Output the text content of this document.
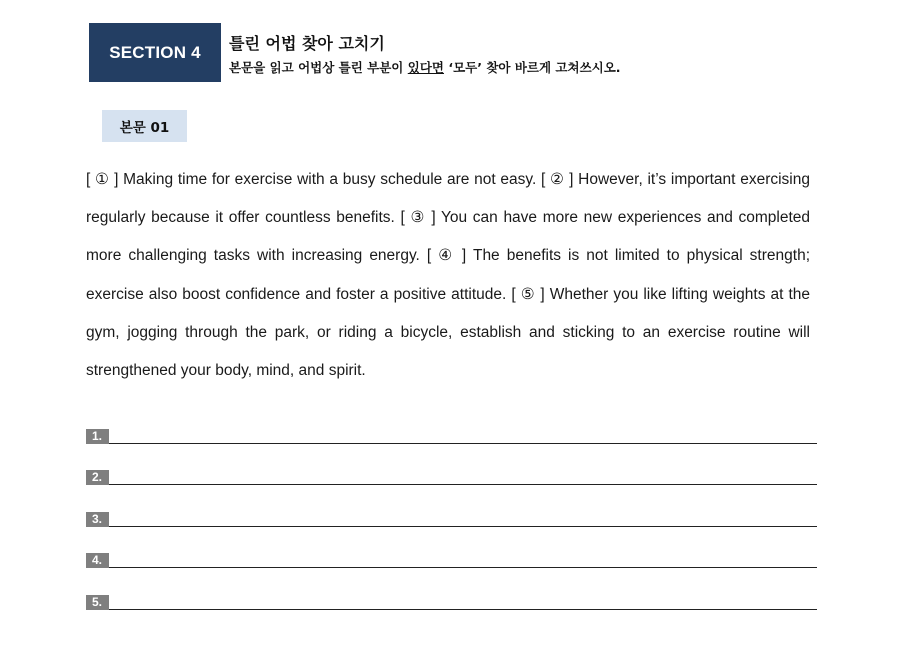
SECTION 4 틀린 어법 찾아 고치기
본문을 읽고 어법상 틀린 부분이 있다면 ‘모두’ 찾아 바르게 고쳐쓰시오.
본문 01

[ ① ] Making time for exercise with a busy schedule are not easy. [ ② ] However, it’s important exercising regularly because it offer countless benefits. [ ③ ] You can have more new experiences and completed more challenging tasks with increasing energy. [ ④ ] The benefits is not limited to physical strength; exercise also boost confidence and foster a positive attitude. [ ⑤ ] Whether you like lifting weights at the gym, jogging through the park, or riding a bicycle, establish and sticking to an exercise routine will strengthened your body, mind, and spirit.

1.
2.
3.
4.
5.
